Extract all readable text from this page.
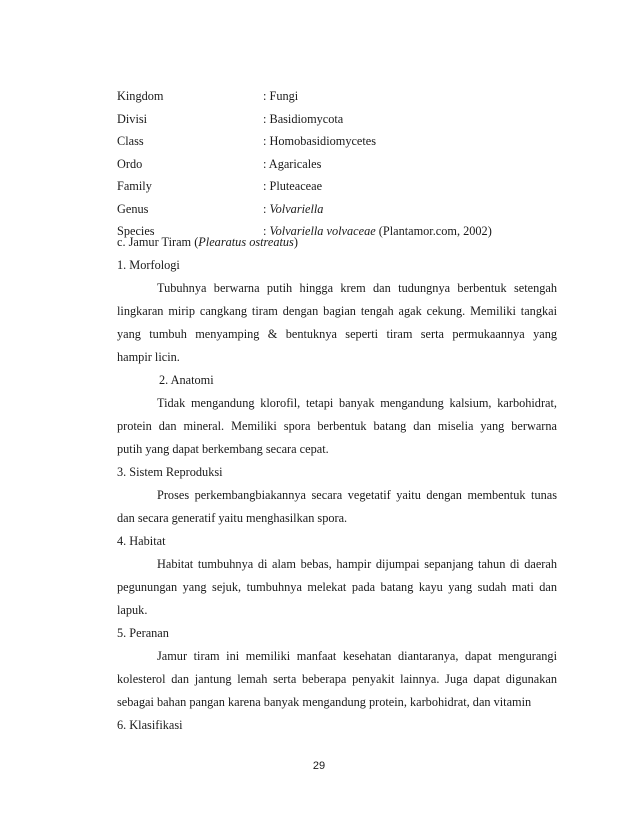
Kingdom	: Fungi
Divisi	: Basidiomycota
Class	: Homobasidiomycetes
Ordo	: Agaricales
Family	: Pluteaceae
Genus	: Volvariella
Species	: Volvariella volvaceae (Plantamor.com, 2002)
c. Jamur Tiram (Plearatus ostreatus)
1. Morfologi
Tubuhnya berwarna putih hingga krem dan tudungnya berbentuk setengah
lingkaran mirip cangkang tiram dengan bagian tengah agak cekung. Memiliki tangkai
yang tumbuh menyamping & bentuknya seperti tiram serta permukaannya yang
hampir licin.
2. Anatomi
Tidak mengandung klorofil, tetapi banyak mengandung kalsium, karbohidrat,
protein dan mineral. Memiliki spora berbentuk batang dan miselia yang berwarna
putih yang dapat berkembang secara cepat.
3. Sistem Reproduksi
Proses perkembangbiakannya secara vegetatif yaitu dengan membentuk tunas
dan secara generatif yaitu menghasilkan spora.
4. Habitat
Habitat tumbuhnya di alam bebas, hampir dijumpai sepanjang tahun di daerah
pegunungan yang sejuk, tumbuhnya melekat pada batang kayu yang sudah mati dan
lapuk.
5. Peranan
Jamur tiram ini memiliki manfaat kesehatan diantaranya, dapat mengurangi
kolesterol dan jantung lemah serta beberapa penyakit lainnya. Juga dapat digunakan
sebagai bahan pangan karena banyak mengandung protein, karbohidrat, dan vitamin
6. Klasifikasi
29
